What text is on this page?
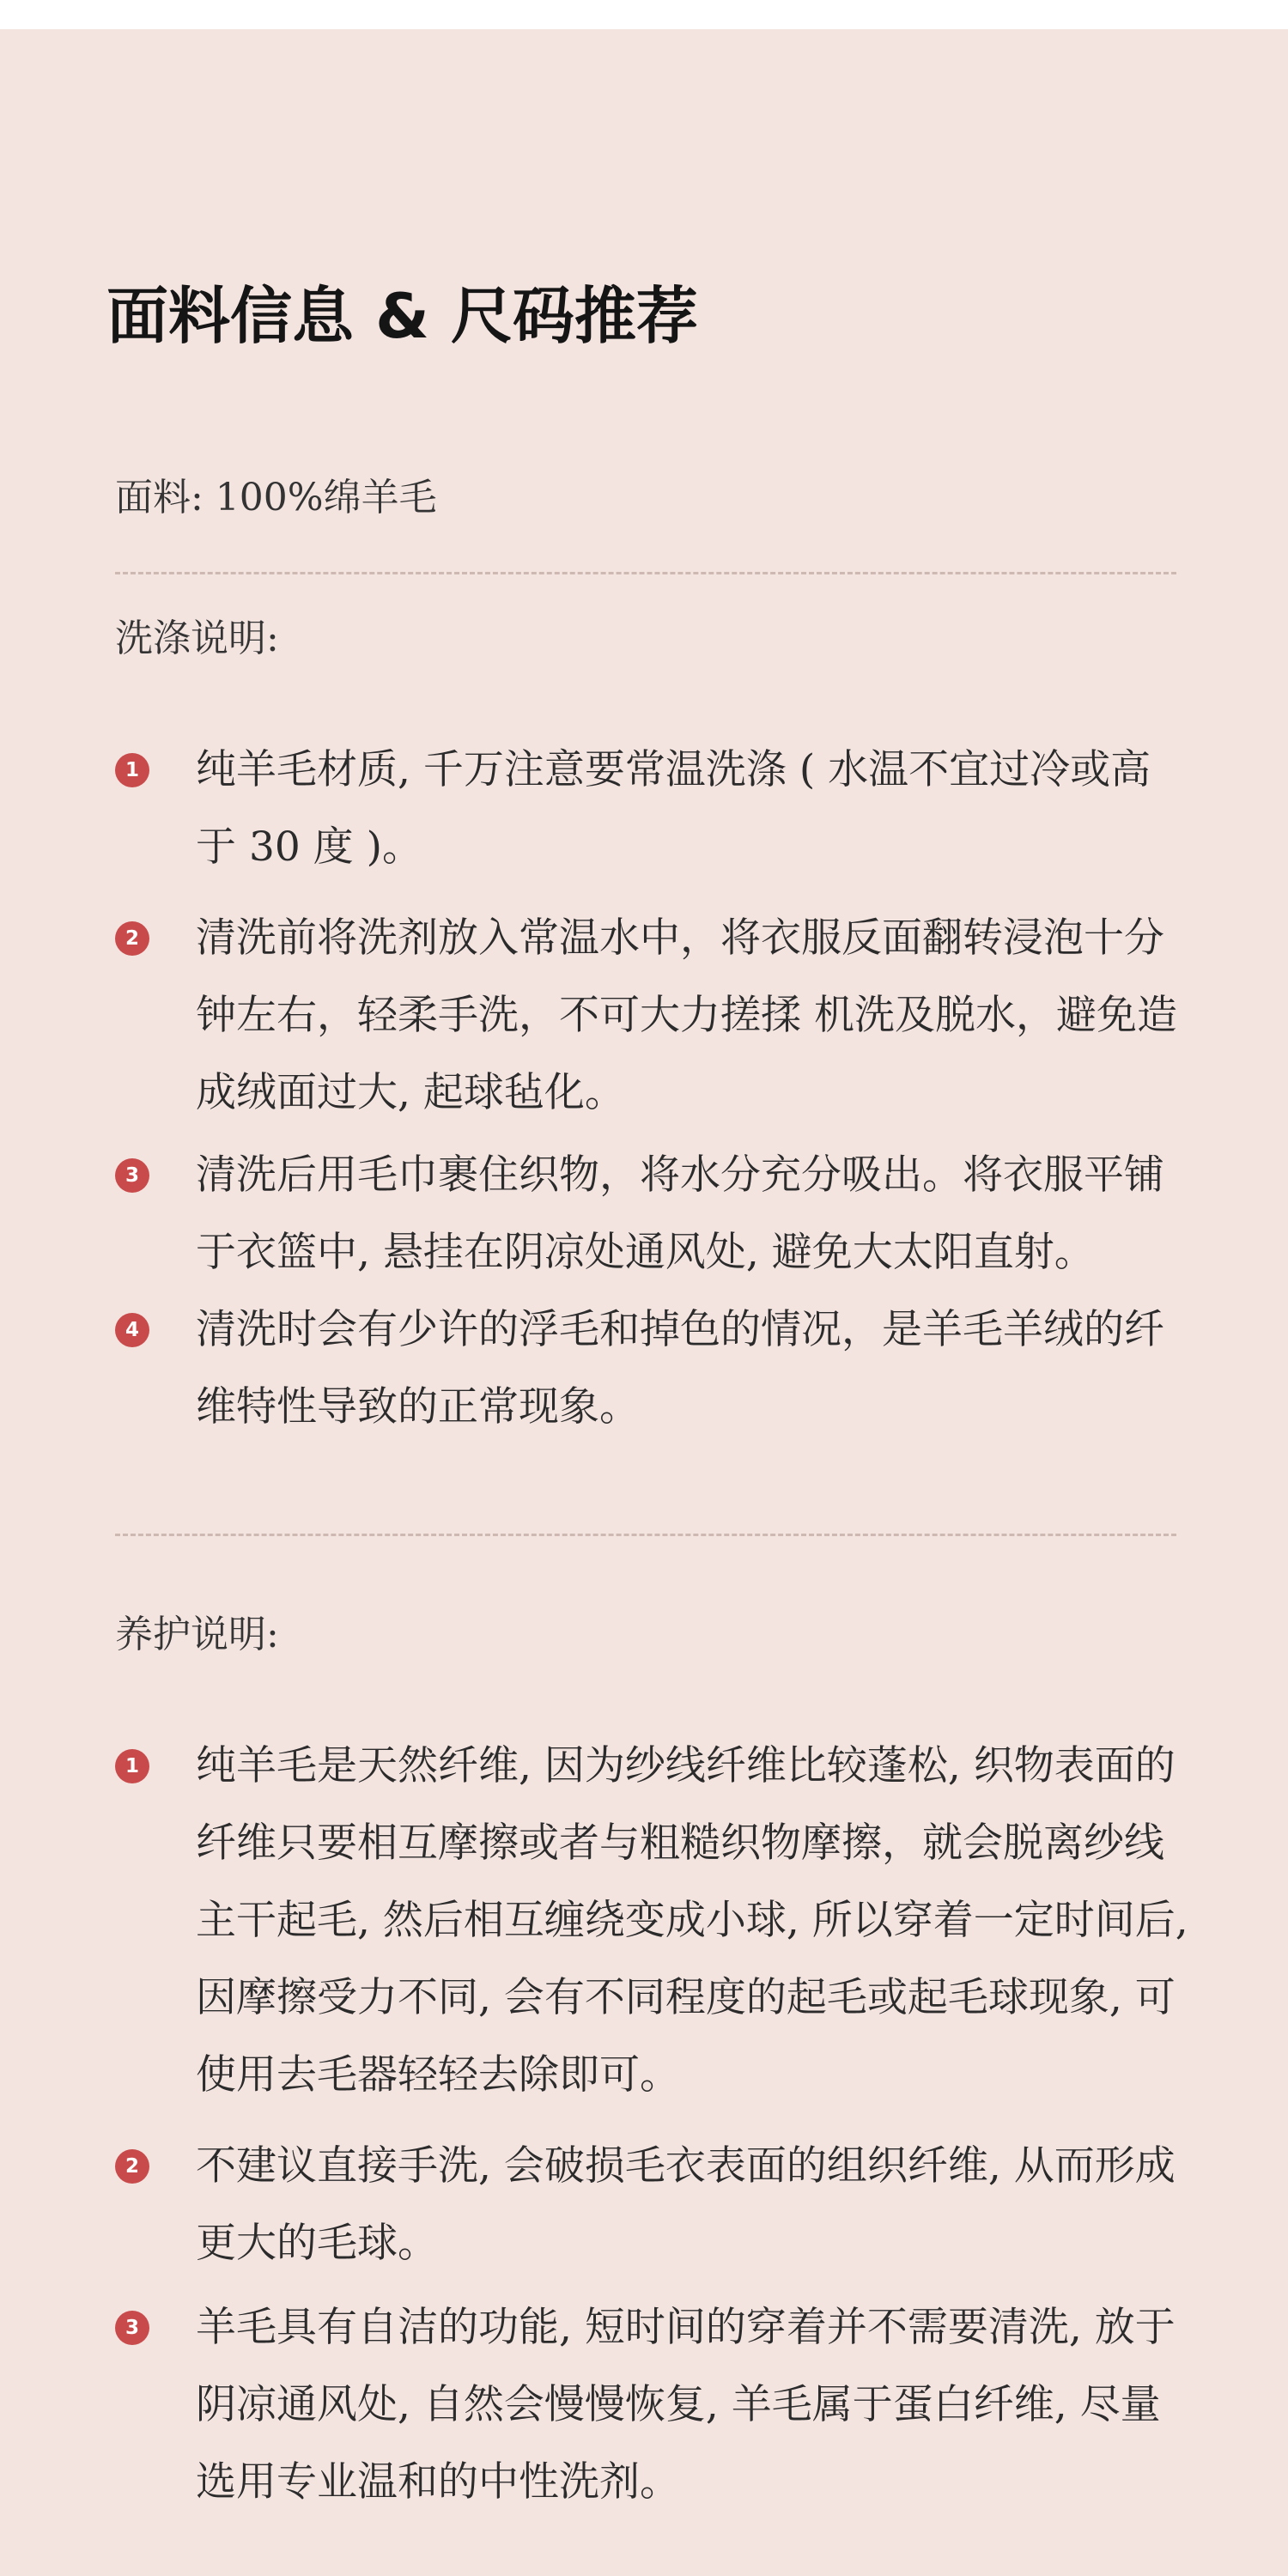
面料信息 & 尺码推荐
面料: 100%绵羊毛
洗涤说明:
1 纯羊毛材质, 千万注意要常温洗涤 ( 水温不宜过冷或高于 30 度 )。
2 清洗前将洗剂放入常温水中，将衣服反面翻转浸泡十分钟左右，轻柔手洗，不可大力搓揉 机洗及脱水，避免造成绒面过大, 起球毡化。
3 清洗后用毛巾裹住织物，将水分充分吸出。将衣服平铺于衣篮中, 悬挂在阴凉处通风处, 避免大太阳直射。
4 清洗时会有少许的浮毛和掉色的情况，是羊毛羊绒的纤维特性导致的正常现象。
养护说明:
1 纯羊毛是天然纤维, 因为纱线纤维比较蓬松, 织物表面的纤维只要相互摩擦或者与粗糙织物摩擦，就会脱离纱线主干起毛, 然后相互缠绕变成小球, 所以穿着一定时间后, 因摩擦受力不同, 会有不同程度的起毛或起毛球现象, 可使用去毛器轻轻去除即可。
2 不建议直接手洗, 会破损毛衣表面的组织纤维, 从而形成更大的毛球。
3 羊毛具有自洁的功能, 短时间的穿着并不需要清洗, 放于阴凉通风处, 自然会慢慢恢复, 羊毛属于蛋白纤维, 尽量选用专业温和的中性洗剂。
